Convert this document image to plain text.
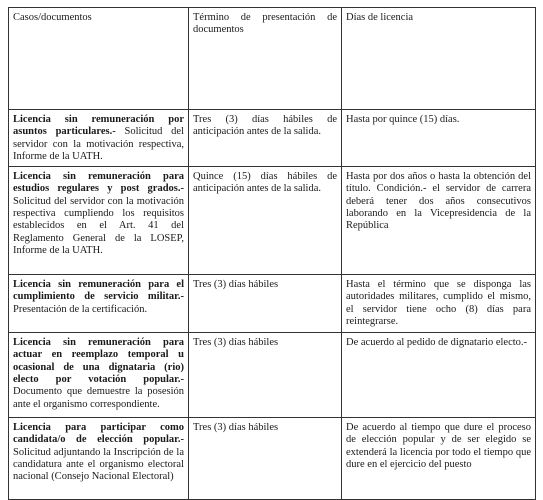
Casos/documentos	Término de presentación de documentos	Días de licencia

Licencia sin remuneración por asuntos particulares.- Solicitud del servidor con la motivación respectiva, Informe de la UATH.	Tres (3) días hábiles de anticipación antes de la salida.	Hasta por quince (15) días.
Licencia sin remuneración para estudios regulares y post grados.- Solicitud del servidor con la motivación respectiva cumpliendo los requisitos establecidos en el Art. 41 del Reglamento General de la LOSEP, Informe de la UATH.	Quince (15) días hábiles de anticipación antes de la salida.	Hasta por dos años o hasta la obtención del título. Condición.- el servidor de carrera deberá tener dos años consecutivos laborando en la Vicepresidencia de la República
Licencia sin remuneración para el cumplimiento de servicio militar.- Presentación de la certificación.	Tres (3) días hábiles	Hasta el término que se disponga las autoridades militares, cumplido el mismo, el servidor tiene ocho (8) días para reintegrarse.
Licencia sin remuneración para actuar en reemplazo temporal u ocasional de una dignataria (rio) electo por votación popular.- Documento que demuestre la posesión ante el organismo correspondiente.	Tres (3) días hábiles	De acuerdo al pedido de dignatario electo.-
Licencia para participar como candidata/o de elección popular.- Solicitud adjuntando la Inscripción de la candidatura ante el organismo electoral nacional (Consejo Nacional Electoral)	Tres (3) días hábiles	De acuerdo al tiempo que dure el proceso de elección popular y de ser elegido se extenderá la licencia por todo el tiempo que dure en el ejercicio del puesto
